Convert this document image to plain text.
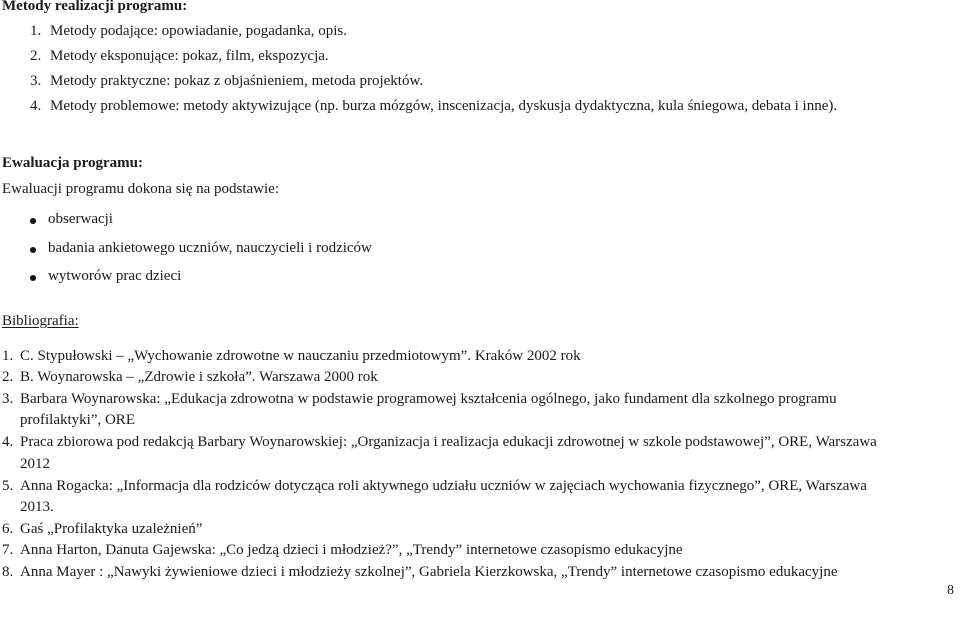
Metody realizacji programu:
1. Metody podające: opowiadanie, pogadanka, opis.
2. Metody eksponujące: pokaz, film, ekspozycja.
3. Metody praktyczne: pokaz z objaśnieniem, metoda projektów.
4. Metody problemowe: metody aktywizujące (np. burza mózgów, inscenizacja, dyskusja dydaktyczna, kula śniegowa, debata i inne).
Ewaluacja programu:
Ewaluacji programu dokona się na podstawie:
obserwacji
badania ankietowego uczniów, nauczycieli i rodziców
wytworów prac dzieci
Bibliografia:
1. C. Stypułowski – „Wychowanie zdrowotne w nauczaniu przedmiotowym”. Kraków 2002 rok
2. B. Woynarowska – „Zdrowie i szkoła”. Warszawa 2000 rok
3. Barbara Woynarowska: „Edukacja zdrowotna w podstawie programowej kształcenia ogólnego, jako fundament dla szkolnego programu
profilaktyki”, ORE
4. Praca zbiorowa pod redakcją Barbary Woynarowskiej: „Organizacja i realizacja edukacji zdrowotnej w szkole podstawowej”, ORE, Warszawa
2012
5. Anna Rogacka: „Informacja dla rodziców dotycząca roli aktywnego udziału uczniów w zajęciach wychowania fizycznego”, ORE, Warszawa
2013.
6. Gaś „Profilaktyka uzależnień”
7. Anna Harton, Danuta Gajewska: „Co jedzą dzieci i młodzież?”, „Trendy” internetowe czasopismo edukacyjne
8. Anna Mayer : „Nawyki żywieniowe dzieci i młodzieży szkolnej”, Gabriela Kierzkowska, „Trendy” internetowe czasopismo edukacyjne
8
